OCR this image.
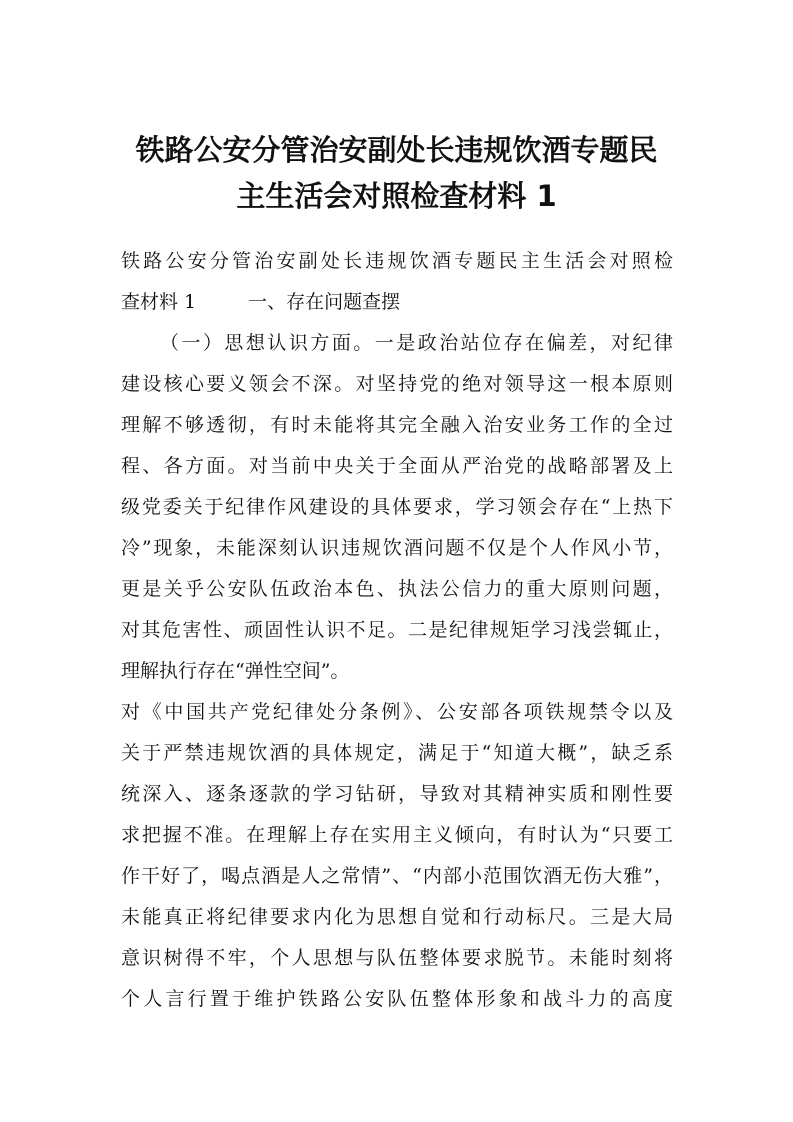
铁路公安分管治安副处长违规饮酒专题民
主生活会对照检查材料 1
铁路公安分管治安副处长违规饮酒专题民主生活会对照检
查材料 1	一、存在问题查摆
（一）思想认识方面。一是政治站位存在偏差，对纪律
建设核心要义领会不深。对坚持党的绝对领导这一根本原则
理解不够透彻，有时未能将其完全融入治安业务工作的全过
程、各方面。对当前中央关于全面从严治党的战略部署及上
级党委关于纪律作风建设的具体要求，学习领会存在“上热下
冷”现象，未能深刻认识违规饮酒问题不仅是个人作风小节，
更是关乎公安队伍政治本色、执法公信力的重大原则问题，
对其危害性、顽固性认识不足。二是纪律规矩学习浅尝辄止，
理解执行存在“弹性空间”。
对《中国共产党纪律处分条例》、公安部各项铁规禁令以及
关于严禁违规饮酒的具体规定，满足于“知道大概”，缺乏系
统深入、逐条逐款的学习钻研，导致对其精神实质和刚性要
求把握不准。在理解上存在实用主义倾向，有时认为“只要工
作干好了，喝点酒是人之常情”、“内部小范围饮酒无伤大雅”，
未能真正将纪律要求内化为思想自觉和行动标尺。三是大局
意识树得不牢，个人思想与队伍整体要求脱节。未能时刻将
个人言行置于维护铁路公安队伍整体形象和战斗力的高度
